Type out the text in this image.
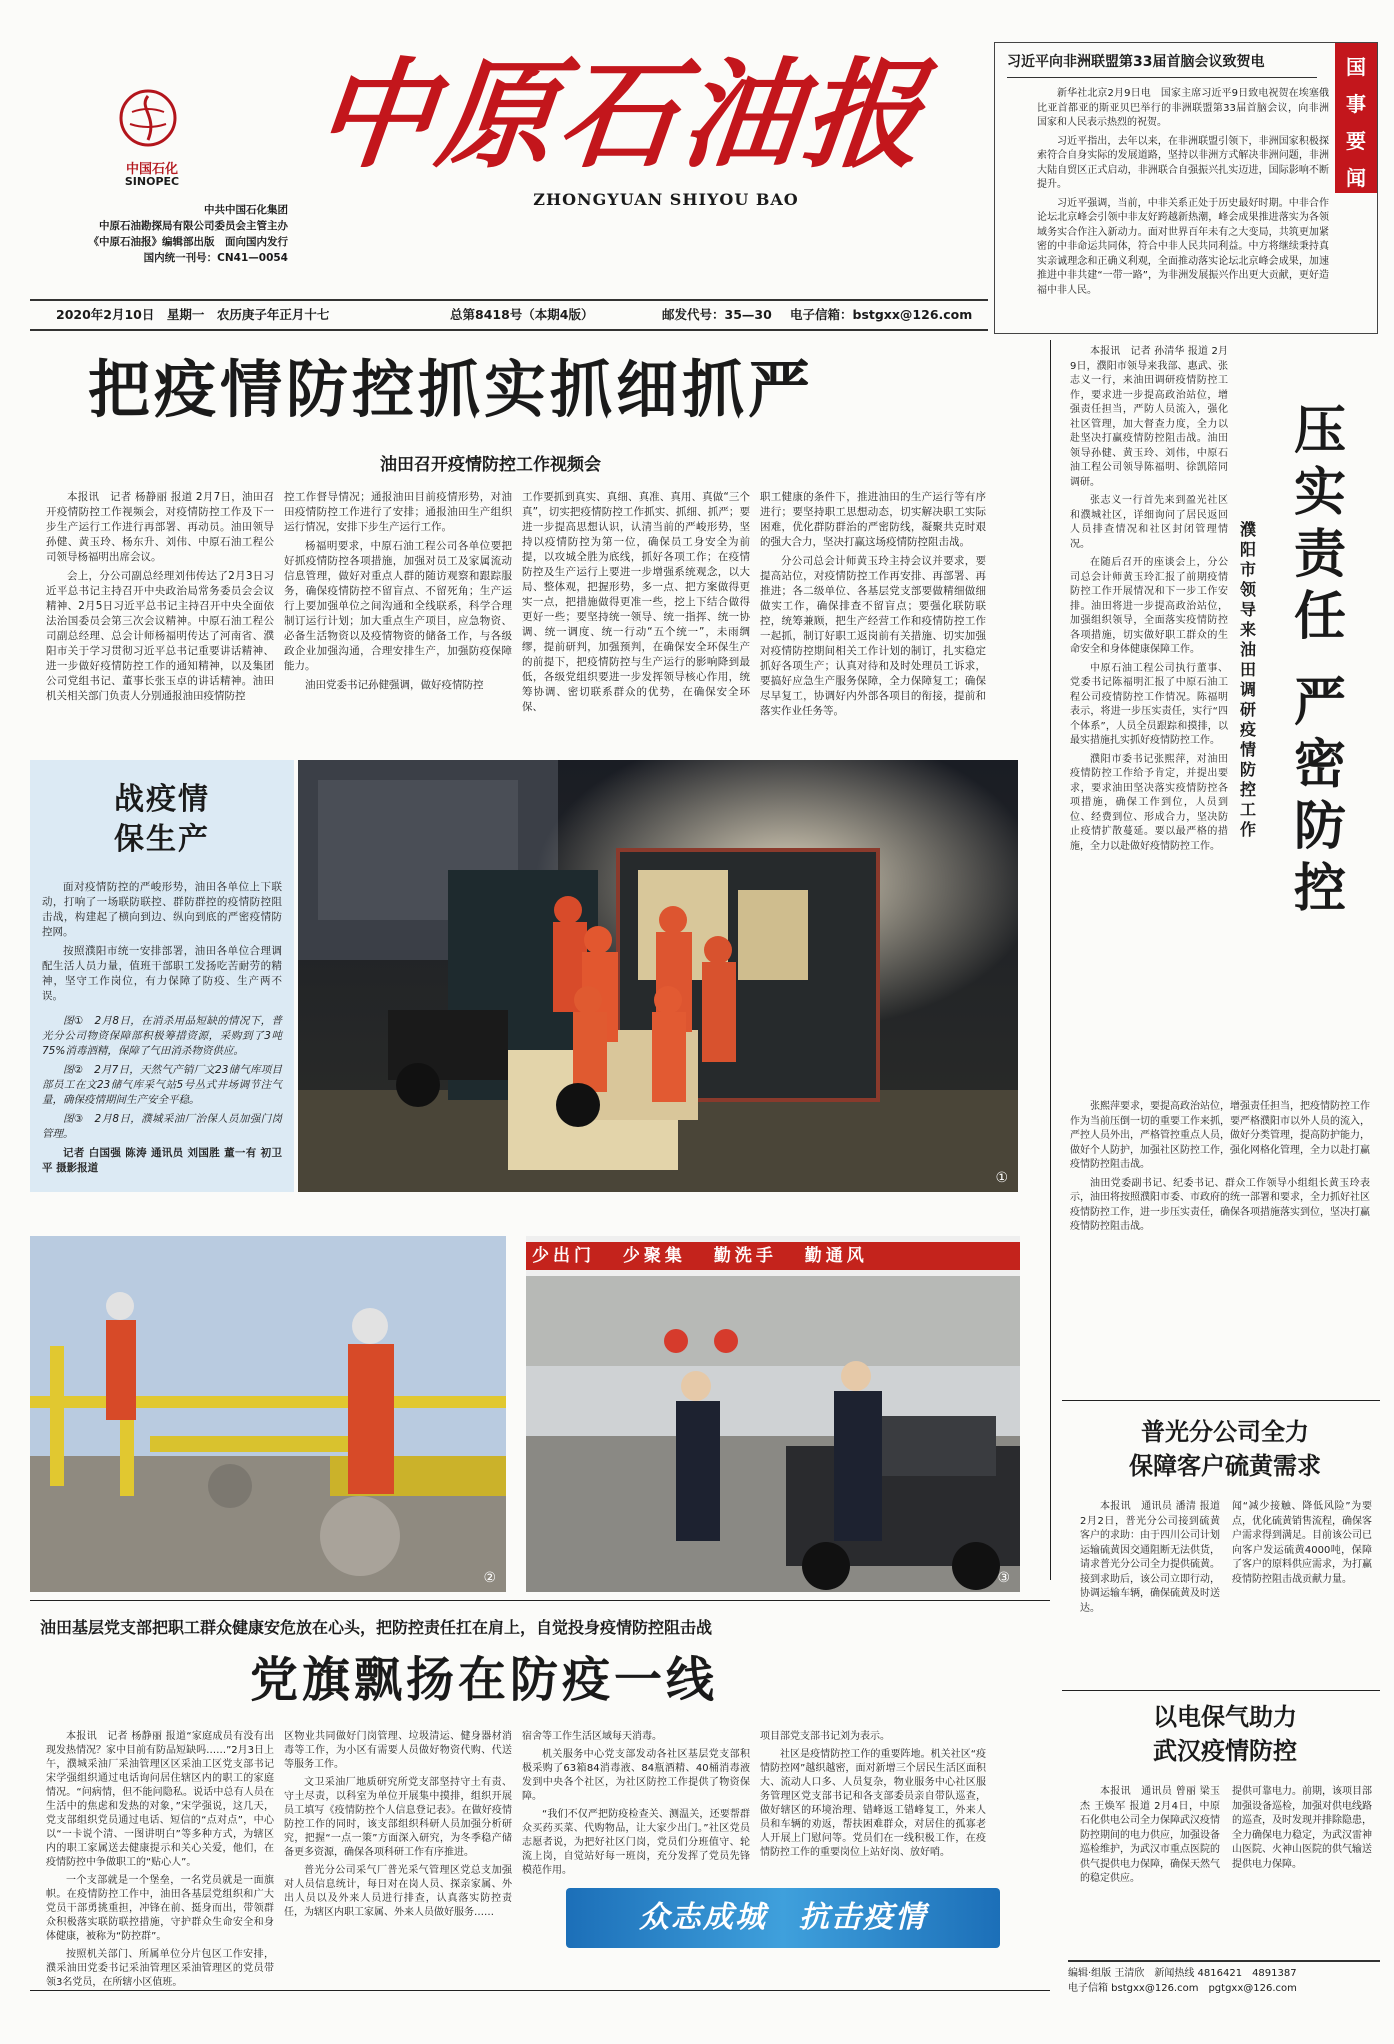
中国石化
SINOPEC
中共中国石化集团
中原石油勘探局有限公司委员会主管主办
《中原石油报》编辑部出版　面向国内发行
国内统一刊号：CN41—0054
中原石油报
ZHONGYUAN SHIYOU BAO
2020年2月10日　星期一　农历庚子年正月十七	总第8418号（本期4版）	邮发代号：35—30 电子信箱：bstgxx@126.com
习近平向非洲联盟第33届首脑会议致贺电

新华社北京2月9日电　国家主席习近平9日致电祝贺在埃塞俄比亚首都亚的斯亚贝巴举行的非洲联盟第33届首脑会议，向非洲国家和人民表示热烈的祝贺。

习近平指出，去年以来，在非洲联盟引领下，非洲国家积极探索符合自身实际的发展道路，坚持以非洲方式解决非洲问题，非洲大陆自贸区正式启动，非洲联合自强振兴扎实迈进，国际影响不断提升。

习近平强调，当前，中非关系正处于历史最好时期。中非合作论坛北京峰会引领中非友好跨越新热潮，峰会成果推进落实为各领域务实合作注入新动力。面对世界百年未有之大变局，共筑更加紧密的中非命运共同体，符合中非人民共同利益。中方将继续秉持真实亲诚理念和正确义利观，全面推动落实论坛北京峰会成果，加速推进中非共建“一带一路”，为非洲发展振兴作出更大贡献，更好造福中非人民。

国
事
要
闻
把疫情防控抓实抓细抓严
油田召开疫情防控工作视频会

本报讯　记者 杨静丽 报道 2月7日，油田召开疫情防控工作视频会，对疫情防控工作及下一步生产运行工作进行再部署、再动员。油田领导孙健、黄玉玲、杨东升、刘伟、中原石油工程公司领导杨福明出席会议。

会上，分公司副总经理刘伟传达了2月3日习近平总书记主持召开中央政治局常务委员会会议精神、2月5日习近平总书记主持召开中央全面依法治国委员会第三次会议精神。中原石油工程公司副总经理、总会计师杨福明传达了河南省、濮阳市关于学习贯彻习近平总书记重要讲话精神、进一步做好疫情防控工作的通知精神，以及集团公司党组书记、董事长张玉卓的讲话精神。油田机关相关部门负责人分别通报油田疫情防控

控工作督导情况；通报油田目前疫情形势，对油田疫情防控工作进行了安排；通报油田生产组织运行情况，安排下步生产运行工作。

杨福明要求，中原石油工程公司各单位要把好抓疫情防控各项措施，加强对员工及家属流动信息管理，做好对重点人群的随访观察和跟踪服务，确保疫情防控不留盲点、不留死角；生产运行上要加强单位之间沟通和全线联系，科学合理制订运行计划；加大重点生产项目，应急物资、必备生活物资以及疫情物资的储备工作，与各级政企业加强沟通，合理安排生产，加强防疫保障能力。

油田党委书记孙健强调，做好疫情防控

工作要抓到真实、真细、真准、真用、真做“三个真”，切实把疫情防控工作抓实、抓细、抓严；要进一步提高思想认识，认清当前的严峻形势，坚持以疫情防控为第一位，确保员工身安全为前提，以攻城全胜为底线，抓好各项工作；在疫情防控及生产运行上要进一步增强系统观念，以大局、整体观，把握形势，多一点、把方案做得更实一点，把措施做得更准一些，挖上下结合做得更好一些；要坚持统一领导、统一指挥、统一协调、统一调度、统一行动“五个统一”，未雨绸缪，提前研判，加强预判，在确保安全环保生产的前提下，把疫情防控与生产运行的影响降到最低，各级党组织要进一步发挥领导核心作用，统筹协调、密切联系群众的优势，在确保安全环保、

职工健康的条件下，推进油田的生产运行等有序进行；要坚持职工思想动态，切实解决职工实际困难，优化群防群治的严密防线，凝聚共克时艰的强大合力，坚决打赢这场疫情防控阻击战。

分公司总会计师黄玉玲主持会议并要求，要提高站位，对疫情防控工作再安排、再部署、再推进；各二级单位、各基层党支部要做精细做细做实工作，确保排查不留盲点；要强化联防联控，统筹兼顾，把生产经营工作和疫情防控工作一起抓，制订好职工返岗前有关措施、切实加强对疫情防控期间相关工作计划的制订，扎实稳定抓好各项生产；认真对待和及时处理员工诉求，要搞好应急生产服务保障，全力保障复工；确保尽早复工，协调好内外部各项目的衔接，提前和落实作业任务等。

战疫情
保生产

面对疫情防控的严峻形势，油田各单位上下联动，打响了一场联防联控、群防群控的疫情防控阻击战，构建起了横向到边、纵向到底的严密疫情防控网。

按照濮阳市统一安排部署，油田各单位合理调配生活人员力量，值班干部职工发扬吃苦耐劳的精神，坚守工作岗位，有力保障了防疫、生产两不误。

图①　2月8日，在消杀用品短缺的情况下，普光分公司物资保障部积极筹措资源，采购到了3吨75%消毒酒精，保障了气田消杀物资供应。

图②　2月7日，天然气产销厂文23储气库项目部员工在文23储气库采气站5号丛式井场调节注气量，确保疫情期间生产安全平稳。

图③　2月8日，濮城采油厂治保人员加强门岗管理。

记者 白国强 陈涛 通讯员 刘国胜 董一有 初卫平 摄影报道

①
②
少出门 少聚集 勤洗手 勤通风
③
油田基层党支部把职工群众健康安危放在心头，把防控责任扛在肩上，自觉投身疫情防控阻击战
党旗飘扬在防疫一线

本报讯　记者 杨静丽 报道“家庭成员有没有出现发热情况？家中目前有防品短缺吗……”2月3日上午，濮城采油厂采油管理区区采油工区党支部书记宋学强组织通过电话询问居住辖区内的职工的家庭情况。“问病情，但不能问隐私。说话中总有人员在生活中的焦虑和发热的对象，”宋学强说，这几天，党支部组织党员通过电话、短信的“点对点”，中心以“一卡说个清、一图讲明白”等多种方式，为辖区内的职工家属送去健康提示和关心关爱，他们，在疫情防控中争做职工的“贴心人”。

一个支部就是一个堡垒，一名党员就是一面旗帜。在疫情防控工作中，油田各基层党组织和广大党员干部勇挑重担，冲锋在前、挺身而出，带领群众积极落实联防联控措施，守护群众生命安全和身体健康，被称为“防控群”。

按照机关部门、所属单位分片包区工作安排，濮采油田党委书记采油管理区采油管理区的党员带领3名党员，在所辖小区值班。

区物业共同做好门岗管理、垃圾清运、健身器材消毒等工作，为小区有需要人员做好物资代购、代送等服务工作。

文卫采油厂地质研究所党支部坚持守土有责、守土尽责，以科室为单位开展集中摸排，组织开展员工填写《疫情防控个人信息登记表》。在做好疫情防控工作的同时，该支部组织科研人员加强分析研究，把握“一点一策”方面深入研究，为冬季稳产储备更多资源，确保各项科研工作有序推进。

普光分公司采气厂普光采气管理区党总支加强对人员信息统计，每日对在岗人员、探亲家属、外出人员以及外来人员进行排查，认真落实防控责任，为辖区内职工家属、外来人员做好服务……

宿舍等工作生活区域每天消毒。

机关服务中心党支部发动各社区基层党支部积极采购了63箱84消毒液、84瓶酒精、40桶消毒液发到中央各个社区，为社区防控工作提供了物资保障。

“我们不仅严把防疫检查关、测温关，还要帮群众买药买菜、代购物品，让大家少出门。”社区党员志愿者说，为把好社区门岗，党员们分班值守、轮流上岗，自觉站好每一班岗，充分发挥了党员先锋模范作用。

项目部党支部书记刘为表示。

社区是疫情防控工作的重要阵地。机关社区“疫情防控网”越织越密，面对新增三个居民生活区面积大、流动人口多、人员复杂，物业服务中心社区服务管理区党支部书记和各支部委员亲自带队巡查，做好辖区的环境治理、错峰返工错峰复工，外来人员和车辆的劝返，帮扶困难群众，对居住的孤寡老人开展上门慰问等。党员们在一线积极工作，在疫情防控工作的重要岗位上站好岗、放好哨。

众志成城　抗击疫情

本报讯　记者 孙清华 报道 2月9日，濮阳市领导来我部、惠武、张志义一行，来油田调研疫情防控工作，要求进一步提高政治站位，增强责任担当，严防人员流入，强化社区管理，加大督查力度，全力以赴坚决打赢疫情防控阻击战。油田领导孙健、黄玉玲、刘伟，中原石油工程公司领导陈福明、徐凯陪同调研。

张志义一行首先来到盈光社区和濮城社区，详细询问了居民返回人员排查情况和社区封闭管理情况。

在随后召开的座谈会上，分公司总会计师黄玉玲汇报了前期疫情防控工作开展情况和下一步工作安排。油田将进一步提高政治站位，加强组织领导，全面落实疫情防控各项措施，切实做好职工群众的生命安全和身体健康保障工作。

中原石油工程公司执行董事、党委书记陈福明汇报了中原石油工程公司疫情防控工作情况。陈福明表示，将进一步压实责任，实行“四个体系”，人员全员跟踪和摸排，以最实措施扎实抓好疫情防控工作。

濮阳市委书记张熙萍，对油田疫情防控工作给予肯定，并提出要求，要求油田坚决落实疫情防控各项措施，确保工作到位，人员到位、经费到位、形成合力，坚决防止疫情扩散蔓延。要以最严格的措施，全力以赴做好疫情防控工作。

压
实
责
任
严
密
防
控
濮阳市领导来油田调研疫情防控工作

张熙萍要求，要提高政治站位，增强责任担当，把疫情防控工作作为当前压倒一切的重要工作来抓，要严格濮阳市以外人员的流入，严控人员外出，严格管控重点人员，做好分类管理，提高防护能力，做好个人防护，加强社区防控工作，强化网格化管理，全力以赴打赢疫情防控阻击战。

油田党委副书记、纪委书记、群众工作领导小组组长黄玉玲表示，油田将按照濮阳市委、市政府的统一部署和要求，全力抓好社区疫情防控工作，进一步压实责任，确保各项措施落实到位，坚决打赢疫情防控阻击战。

普光分公司全力
保障客户硫黄需求

本报讯　通讯员 潘清 报道 2月2日，普光分公司接到硫黄客户的求助：由于四川公司计划运输硫黄因交通阻断无法供货，请求普光分公司全力提供硫黄。接到求助后，该公司立即行动，协调运输车辆，确保硫黄及时送达。

闻“减少接触、降低风险”为要点，优化硫黄销售流程，确保客户需求得到满足。目前该公司已向客户发运硫黄4000吨，保障了客户的原料供应需求，为打赢疫情防控阻击战贡献力量。

以电保气助力
武汉疫情防控

本报讯　通讯员 曾丽 梁玉杰 王焕军 报道 2月4日，中原石化供电公司全力保障武汉疫情防控期间的电力供应，加强设备巡检维护，为武汉市重点医院的供气提供电力保障，确保天然气的稳定供应。

提供可靠电力。前期，该项目部加强设备巡检，加强对供电线路的巡查，及时发现并排除隐患，全力确保电力稳定，为武汉雷神山医院、火神山医院的供气输送提供电力保障。

编辑·组版 王清欣　新闻热线 4816421　4891387
电子信箱 bstgxx@126.com　pgtgxx@126.com
